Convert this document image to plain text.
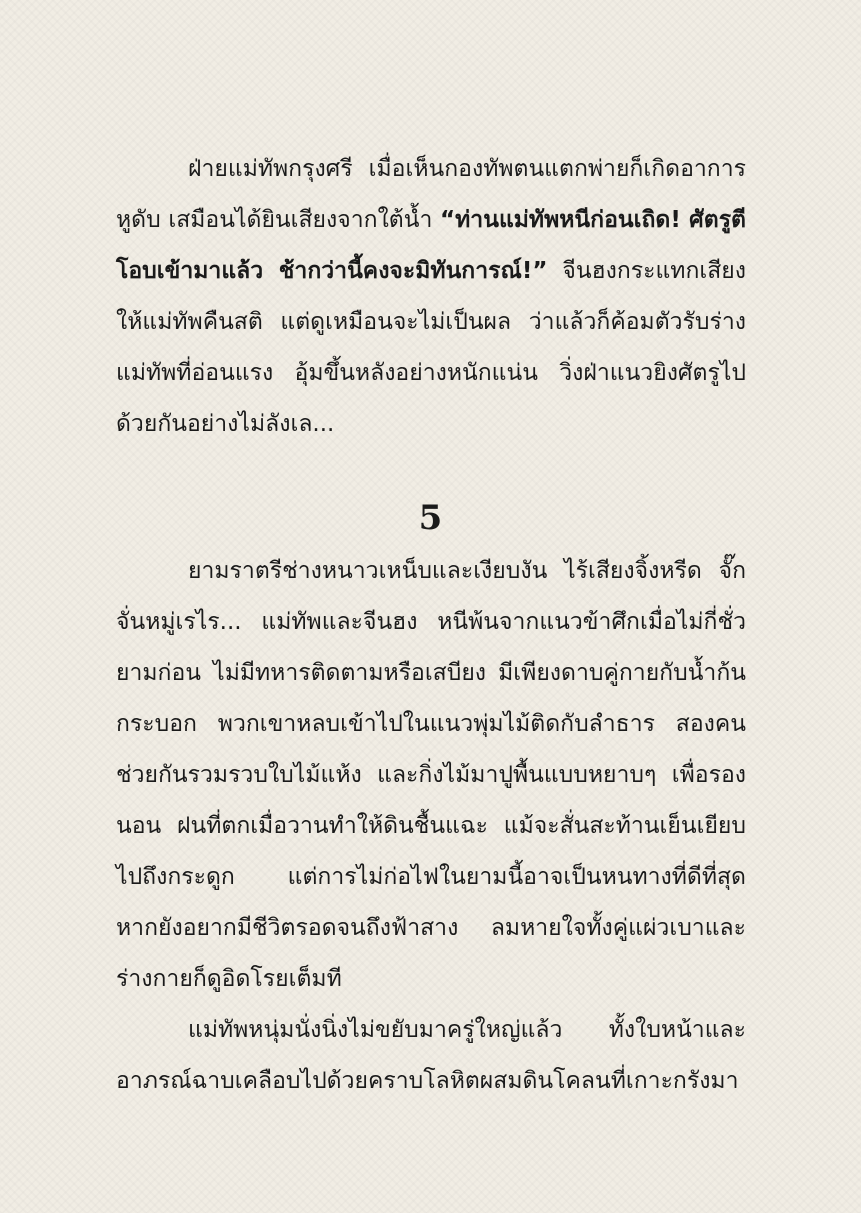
ฝ่ายแม่ทัพกรุงศรี เมื่อเห็นกองทัพตนแตกพ่ายก็เกิดอาการหูดับ เสมือนได้ยินเสียงจากใต้น้ำ “ท่านแม่ทัพหนีก่อนเถิด! ศัตรูตีโอบเข้ามาแล้ว ช้ากว่านี้คงจะมิทันการณ์!” จีนฮงกระแทกเสียงให้แม่ทัพคืนสติ แต่ดูเหมือนจะไม่เป็นผล ว่าแล้วก็ค้อมตัวรับร่างแม่ทัพที่อ่อนแรง อุ้มขึ้นหลังอย่างหนักแน่น วิ่งฝ่าแนวยิงศัตรูไปด้วยกันอย่างไม่ลังเล...

5

ยามราตรีช่างหนาวเหน็บและเงียบงัน ไร้เสียงจิ้งหรีด จั๊กจั่นหมู่เรไร... แม่ทัพและจีนฮง หนีพ้นจากแนวข้าศึกเมื่อไม่กี่ชั่วยามก่อน ไม่มีทหารติดตามหรือเสบียง มีเพียงดาบคู่กายกับน้ำก้นกระบอก พวกเขาหลบเข้าไปในแนวพุ่มไม้ติดกับลำธาร สองคนช่วยกันรวมรวบใบไม้แห้ง และกิ่งไม้มาปูพื้นแบบหยาบๆ เพื่อรองนอน ฝนที่ตกเมื่อวานทำให้ดินชื้นแฉะ แม้จะสั่นสะท้านเย็นเยียบไปถึงกระดูก แต่การไม่ก่อไฟในยามนี้อาจเป็นหนทางที่ดีที่สุด หากยังอยากมีชีวิตรอดจนถึงฟ้าสาง ลมหายใจทั้งคู่แผ่วเบาและร่างกายก็ดูอิดโรยเต็มที

แม่ทัพหนุ่มนั่งนิ่งไม่ขยับมาครู่ใหญ่แล้ว ทั้งใบหน้าและอาภรณ์ฉาบเคลือบไปด้วยคราบโลหิตผสมดินโคลนที่เกาะกรังมา
